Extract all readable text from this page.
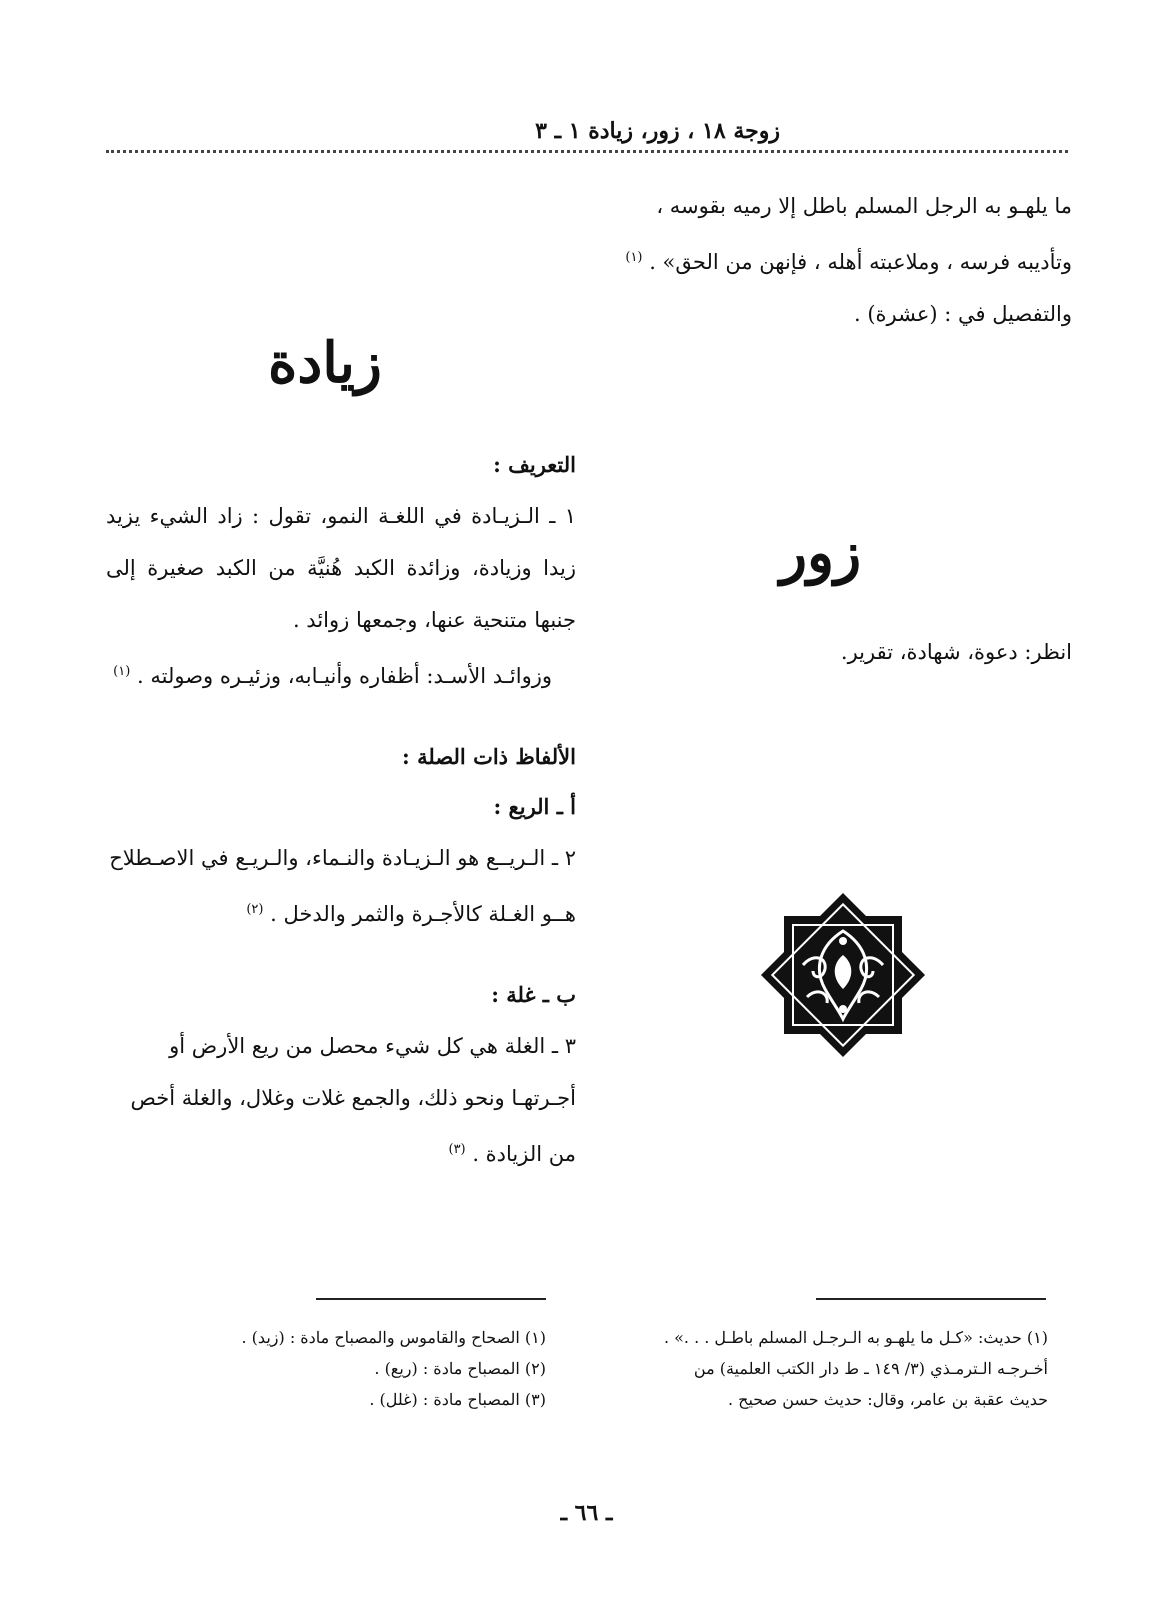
زوجة ١٨ ، زور، زيادة ١ ـ ٣

ما يلهـو به الرجل المسلم باطل إلا رميه بقوسه ، وتأديبه فرسه ، وملاعبته أهله ، فإنهن من الحق» . $^{(١)}$

والتفصيل في : (عشرة) .

زيادة
زور

انظر: دعوة، شهادة، تقرير.

التعريف :

١ ـ الـزيـادة في اللغـة النمو، تقول : زاد الشيء يزيد زيدا وزيادة، وزائدة الكبد هُنيَّة من الكبد صغيرة إلى جنبها متنحية عنها، وجمعها زوائد .

وزوائـد الأسـد: أظفاره وأنيـابه، وزئيـره وصولته . $^{(١)}$

الألفاظ ذات الصلة :

أ ـ الريع :

٢ ـ الـريــع هو الـزيـادة والنـماء، والـريـع في الاصـطلاح هــو الغـلة كالأجـرة والثمر والدخل . $^{(٢)}$

ب ـ غلة :

٣ ـ الغلة هي كل شيء محصل من ريع الأرض أو أجـرتهـا ونحو ذلك، والجمع غلات وغلال، والغلة أخص من الزيادة . $^{(٣)}$

(١) حديث: «كـل ما يلهـو به الـرجـل المسلم باطـل . . .» .

أخـرجـه الـترمـذي (٣/ ١٤٩ ـ ط دار الكتب العلمية) من

حديث عقبة بن عامر، وقال: حديث حسن صحيح .

(١) الصحاح والقاموس والمصباح مادة : (زيد) .

(٢) المصباح مادة : (ريع) .

(٣) المصباح مادة : (غلل) .

ـ ٦٦ ـ
